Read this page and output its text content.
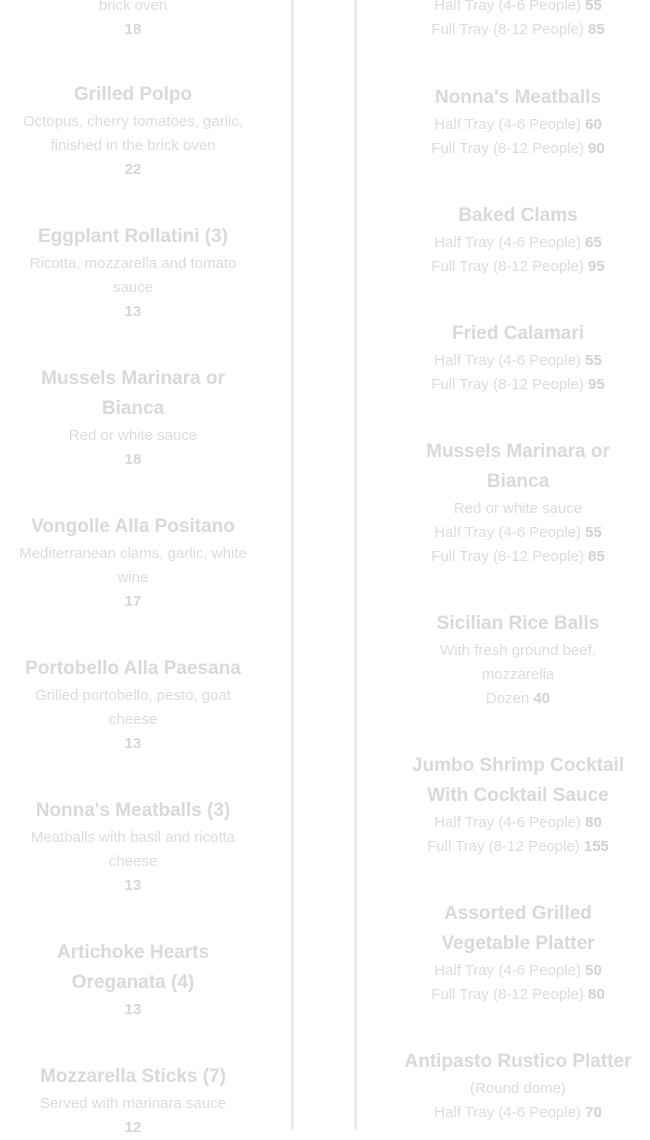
brick oven
18
Grilled Polpo
Octopus, cherry tomatoes, garlic, finished in the brick oven
22
Eggplant Rollatini (3)
Ricotta, mozzarella and tomato sauce
13
Mussels Marinara or Bianca
Red or white sauce
18
Vongolle Alla Positano
Mediterranean clams, garlic, white wine
17
Portobello Alla Paesana
Grilled portobello, pesto, goat cheese
13
Nonna's Meatballs (3)
Meatballs with basil and ricotta cheese
13
Artichoke Hearts Oreganata (4)
13
Mozzarella Sticks (7)
Served with marinara sauce
12
Half Tray (4-6 People) 55
Full Tray (8-12 People) 85
Nonna's Meatballs
Half Tray (4-6 People) 60
Full Tray (8-12 People) 90
Baked Clams
Half Tray (4-6 People) 65
Full Tray (8-12 People) 95
Fried Calamari
Half Tray (4-6 People) 55
Full Tray (8-12 People) 95
Mussels Marinara or Bianca
Red or white sauce
Half Tray (4-6 People) 55
Full Tray (8-12 People) 85
Sicilian Rice Balls
With fresh ground beef, mozzarella
Dozen 40
Jumbo Shrimp Cocktail With Cocktail Sauce
Half Tray (4-6 People) 80
Full Tray (8-12 People) 155
Assorted Grilled Vegetable Platter
Half Tray (4-6 People) 50
Full Tray (8-12 People) 80
Antipasto Rustico Platter
(Round dome)
Half Tray (4-6 People) 70
